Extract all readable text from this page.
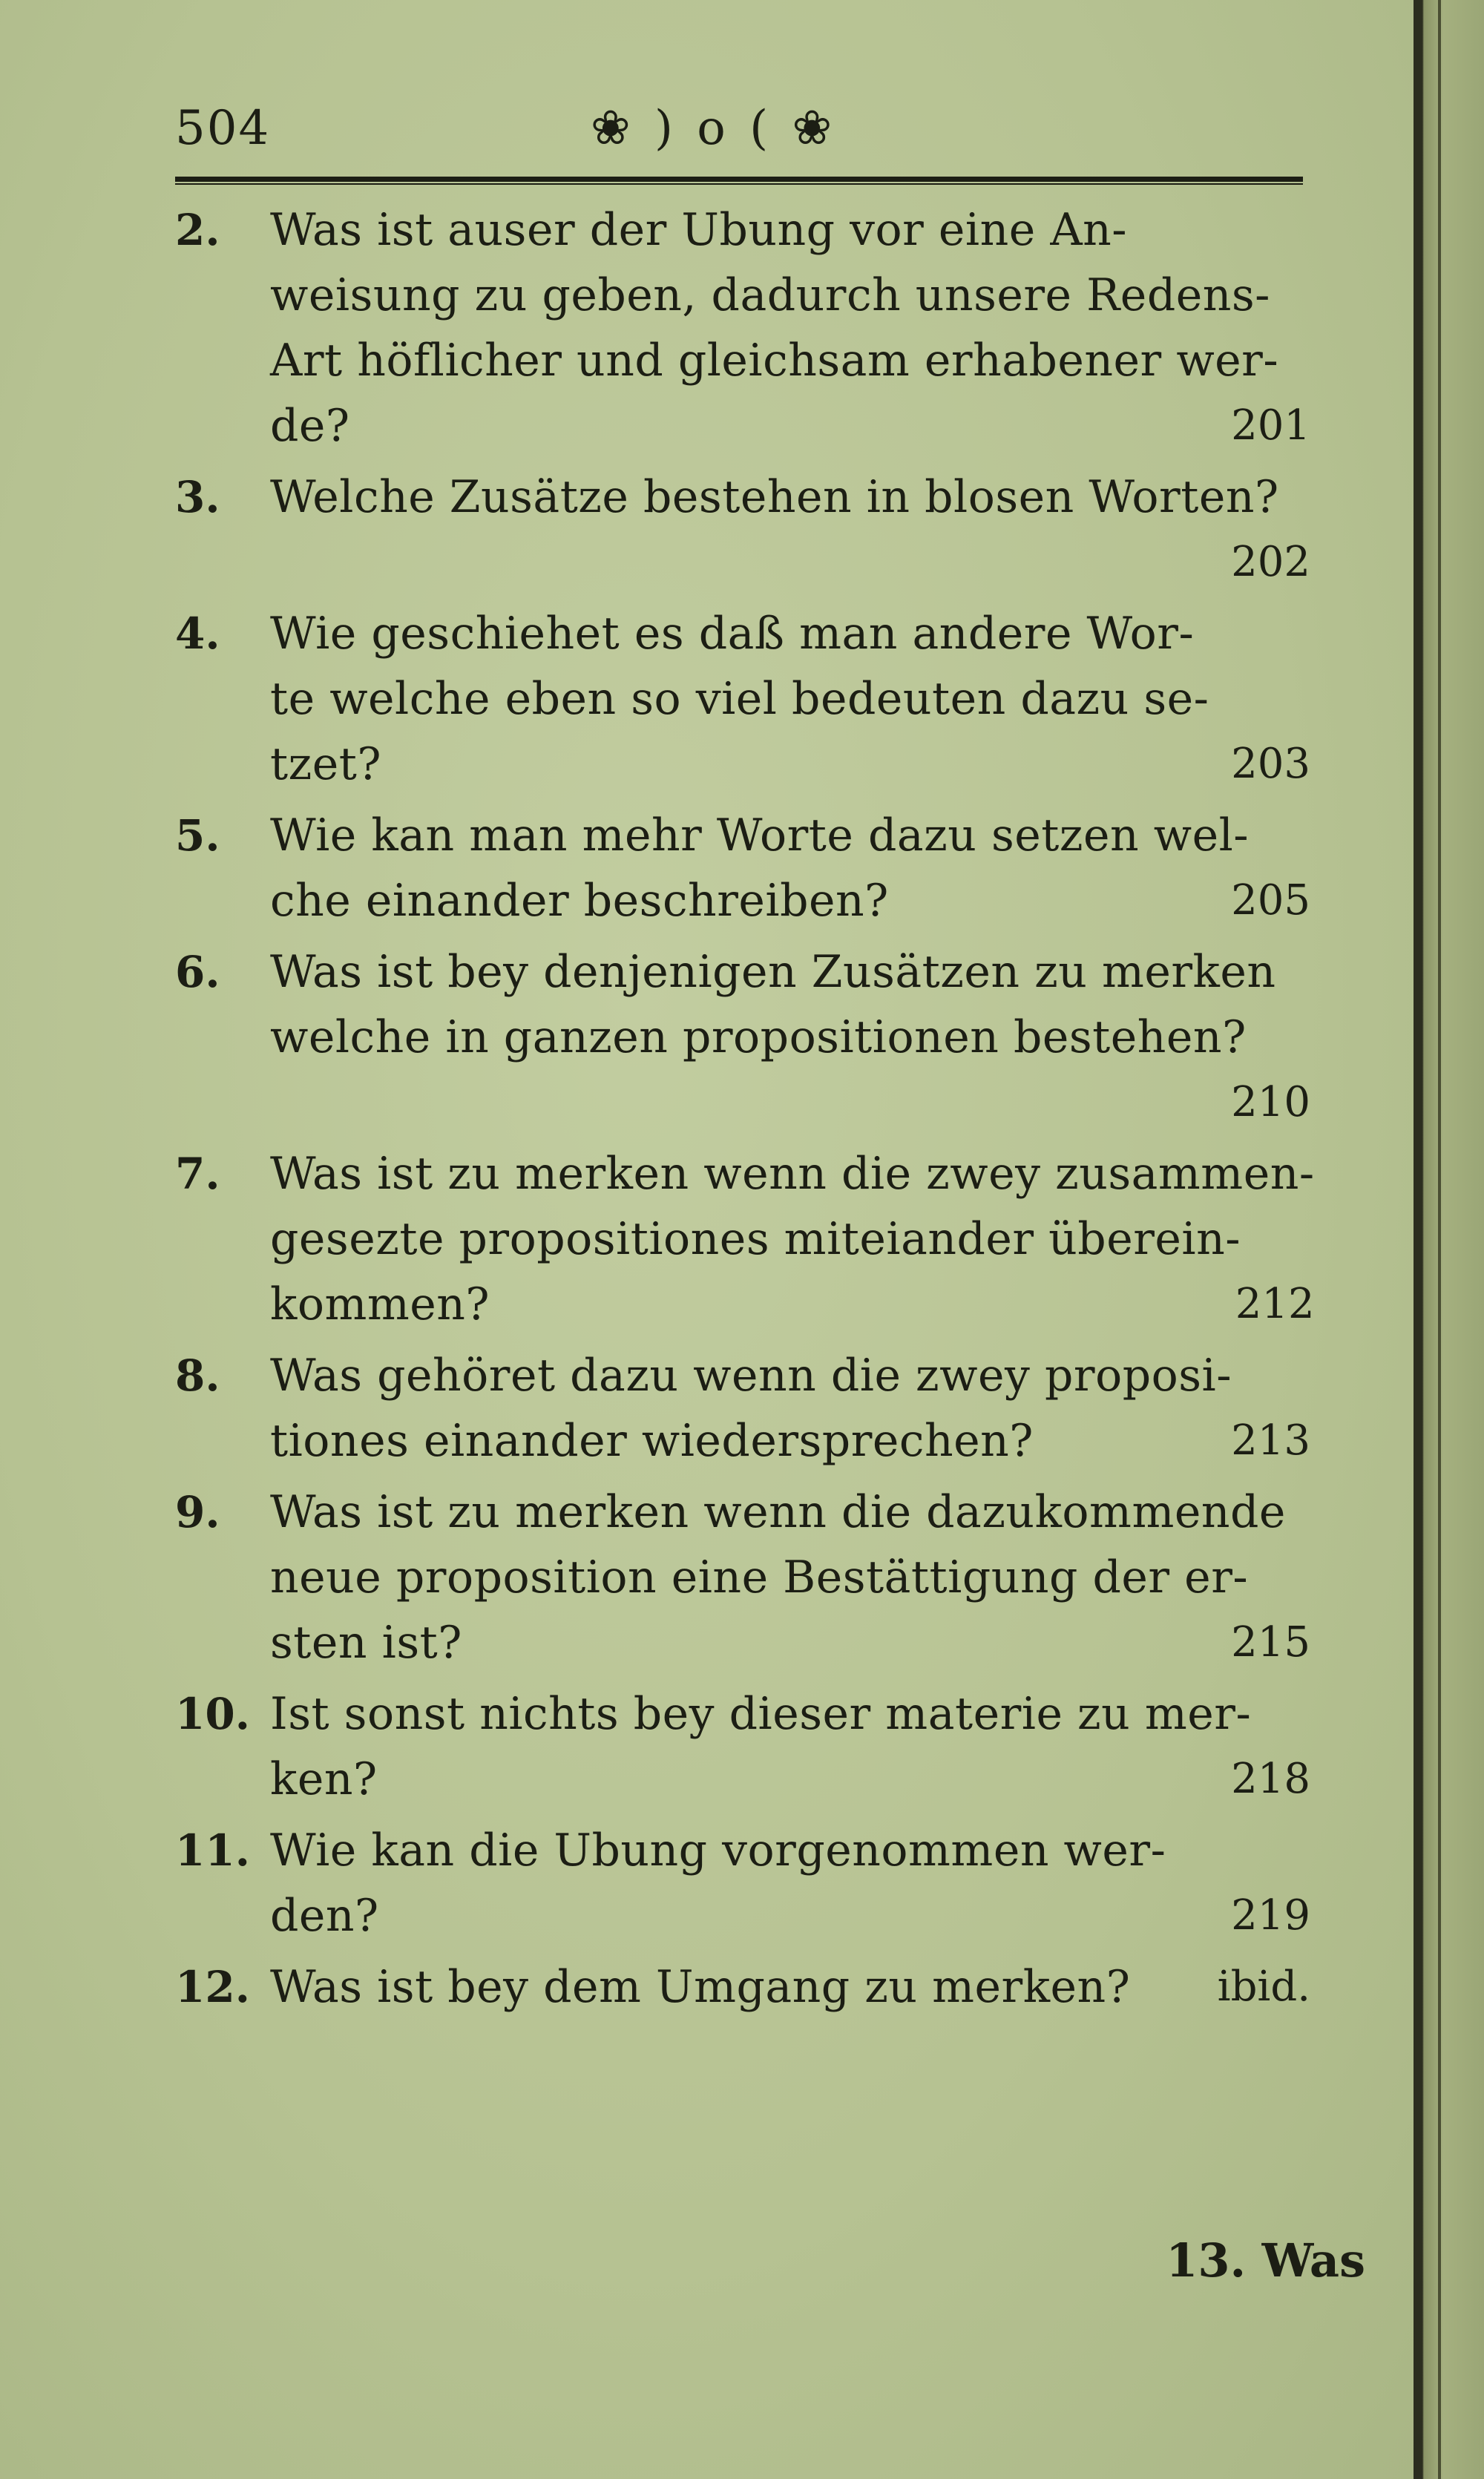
504	❀ ) o ( ❀
2.	Was ist auser der Ubung vor eine An-
weisung zu geben, dadurch unsere Redens-
Art höflicher und gleichsam erhabener wer-
de?	201
3.	Welche Zusätze bestehen in blosen Worten?
202
4.	Wie geschiehet es daß man andere Wor-
te welche eben so viel bedeuten dazu se-
tzet?	203
5.	Wie kan man mehr Worte dazu setzen wel-
che einander beschreiben?	205
6.	Was ist bey denjenigen Zusätzen zu merken
welche in ganzen propositionen bestehen?
210
7.	Was ist zu merken wenn die zwey zusammen-
gesezte propositiones miteiander überein-
kommen?	212
8.	Was gehöret dazu wenn die zwey proposi-
tiones einander wiedersprechen?	213
9.	Was ist zu merken wenn die dazukommende
neue proposition eine Bestättigung der er-
sten ist?	215
10. Ist sonst nichts bey dieser materie zu mer-
ken?	218
11. Wie kan die Ubung vorgenommen wer-
den?	219
12. Was ist bey dem Umgang zu merken?	ibid.
13. Was
